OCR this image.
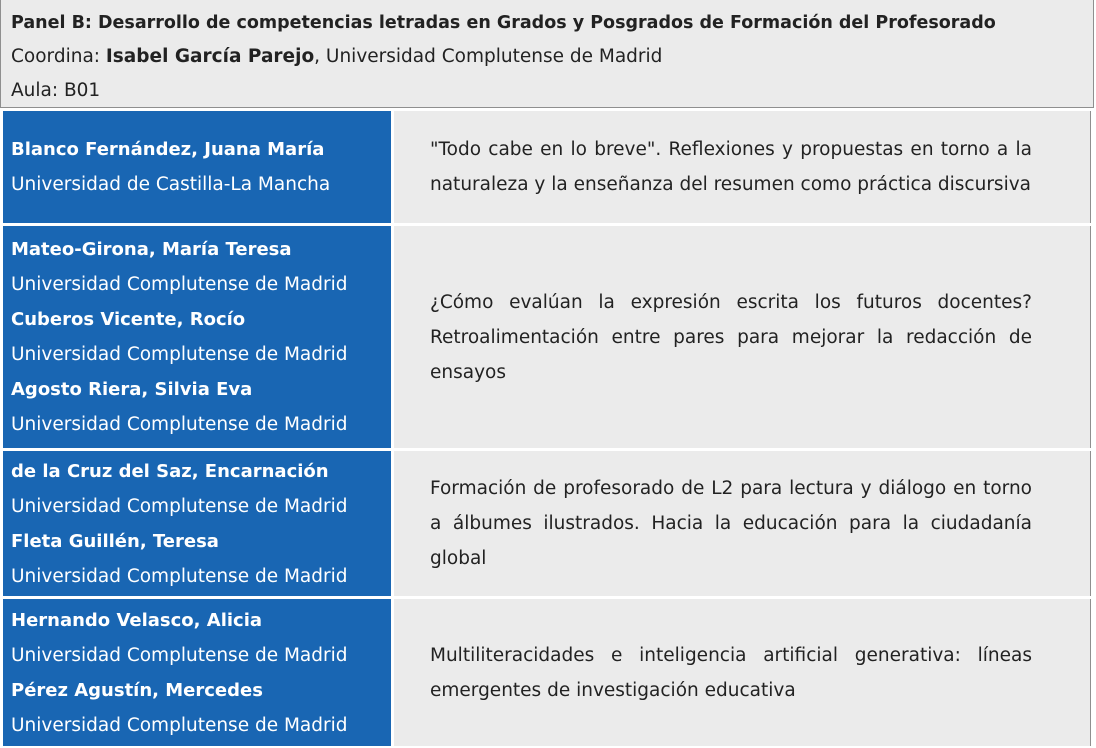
Panel B: Desarrollo de competencias letradas en Grados y Posgrados de Formación del Profesorado
Coordina: Isabel García Parejo, Universidad Complutense de Madrid
Aula: B01
Blanco Fernández, Juana María
Universidad de Castilla-La Mancha
"Todo cabe en lo breve". Reflexiones y propuestas en torno a la naturaleza y la enseñanza del resumen como práctica discursiva
Mateo-Girona, María Teresa
Universidad Complutense de Madrid
Cuberos Vicente, Rocío
Universidad Complutense de Madrid
Agosto Riera, Silvia Eva
Universidad Complutense de Madrid
¿Cómo evalúan la expresión escrita los futuros docentes? Retroalimentación entre pares para mejorar la redacción de ensayos
de la Cruz del Saz, Encarnación
Universidad Complutense de Madrid
Fleta Guillén, Teresa
Universidad Complutense de Madrid
Formación de profesorado de L2 para lectura y diálogo en torno a álbumes ilustrados. Hacia la educación para la ciudadanía global
Hernando Velasco, Alicia
Universidad Complutense de Madrid
Pérez Agustín, Mercedes
Universidad Complutense de Madrid
Multiliteracidades e inteligencia artificial generativa: líneas emergentes de investigación educativa
